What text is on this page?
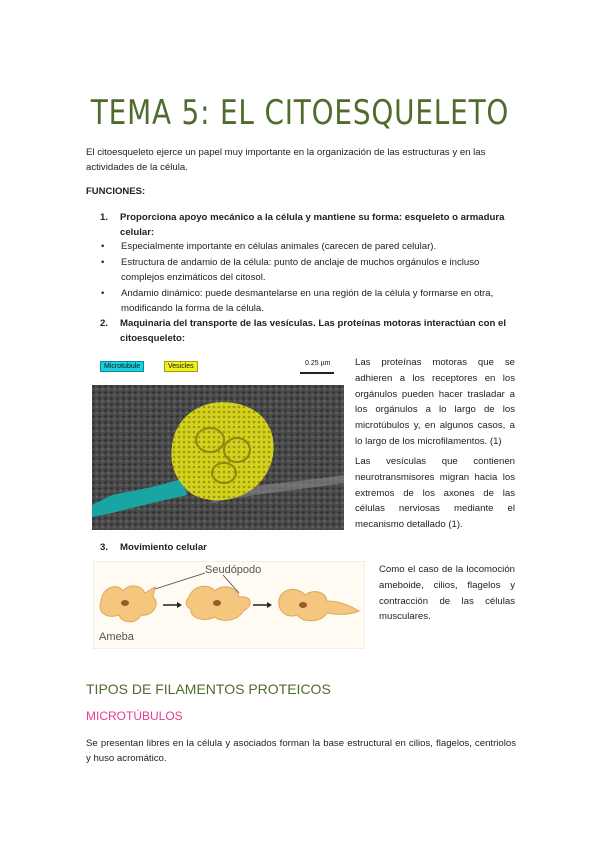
TEMA 5: EL CITOESQUELETO

El citoesqueleto ejerce un papel muy importante en la organización de las estructuras y en las actividades de la célula.

FUNCIONES:

1. Proporciona apoyo mecánico a la célula y mantiene su forma: esqueleto o armadura
celular:
• Especialmente importante en células animales (carecen de pared celular).
• Estructura de andamio de la célula: punto de anclaje de muchos orgánulos e incluso
complejos enzimáticos del citosol.
• Andamio dinámico: puede desmantelarse en una región de la célula y formarse en otra,
modificando la forma de la célula.
2. Maquinaria del transporte de las vesículas. Las proteínas motoras interactúan con el
citoesqueleto:
Microtubule	Vesicles	0.25 µm	Las proteínas motoras que se adhieren a los receptores en los orgánulos pueden hacer trasladar a los orgánulos a lo largo de los microtúbulos y, en algunos casos, a lo largo de los microfilamentos. (1)

Las vesículas que contienen neurotransmisores migran hacia los extremos de los axones de las células nerviosas mediante el mecanismo detallado (1).

3. Movimiento celular
Seudópodo
Ameba

Como el caso de la locomoción ameboide, cilios, flagelos y contracción de las células musculares.

TIPOS DE FILAMENTOS PROTEICOS
MICROTÚBULOS

Se presentan libres en la célula y asociados forman la base estructural en cilios, flagelos, centriolos y huso acromático.
